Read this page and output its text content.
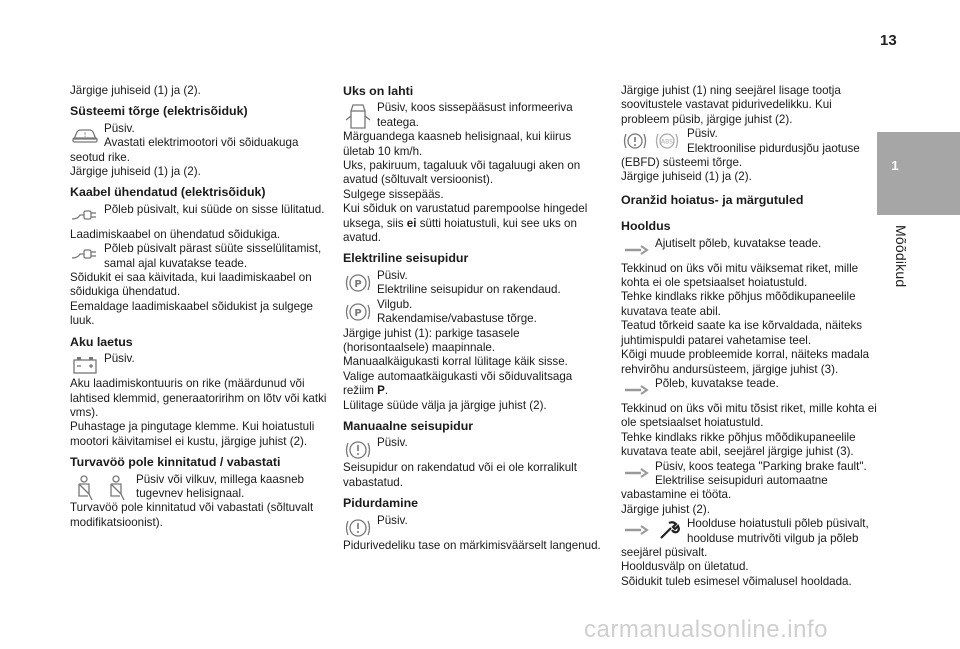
13
1
Mõõdikud

Järgige juhiseid (1) ja (2).

Süsteemi tõrge (elektrisõiduk)

!	Püsiv.

Avastati elektrimootori või sõiduakuga seotud rike.

Järgige juhiseid (1) ja (2).

Kaabel ühendatud (elektrisõiduk)

Põleb püsivalt, kui süüde on sisse lülitatud.

Laadimiskaabel on ühendatud sõidukiga.

Põleb püsivalt pärast süüte sisselülitamist, samal ajal kuvatakse teade.

Sõidukit ei saa käivitada, kui laadimiskaabel on sõidukiga ühendatud.

Eemaldage laadimiskaabel sõidukist ja sulgege luuk.

Aku laetus

Püsiv.

Aku laadimiskontuuris on rike (määrdunud või lahtised klemmid, generaatoririhm on lõtv või katki vms).

Puhastage ja pingutage klemme. Kui hoiatustuli mootori käivitamisel ei kustu, järgige juhist (2).

Turvavöö pole kinnitatud / vabastati

Püsiv või vilkuv, millega kaasneb tugevnev helisignaal.

Turvavöö pole kinnitatud või vabastati (sõltuvalt modifikatsioonist).

Uks on lahti

Püsiv, koos sissepääsust informeeriva teatega.

Märguandega kaasneb helisignaal, kui kiirus ületab 10 km/h.

Uks, pakiruum, tagaluuk või tagaluugi aken on avatud (sõltuvalt versioonist).

Sulgege sissepääs.

Kui sõiduk on varustatud parempoolse hingedel uksega, siis ei sütti hoiatustuli, kui see uks on avatud.

Elektriline seisupidur

P

Püsiv.

Elektriline seisupidur on rakendaud.

P

Vilgub.

Rakendamise/vabastuse tõrge.

Järgige juhist (1): parkige tasasele (horisontaalsele) maapinnale.

Manuaalkäigukasti korral lülitage käik sisse.

Valige automaatkäigukasti või sõiduvalitsaga režiim P.

Lülitage süüde välja ja järgige juhist (2).

Manuaalne seisupidur

Püsiv.

Seisupidur on rakendatud või ei ole korralikult vabastatud.

Pidurdamine

Püsiv.

Pidurivedeliku tase on märkimisväärselt langenud.

Järgige juhist (1) ning seejärel lisage tootja soovitustele vastavat pidurivedelikku. Kui probleem püsib, järgige juhist (2).

ABS

Püsiv.

Elektroonilise pidurdusjõu jaotuse (EBFD) süsteemi tõrge.

Järgige juhiseid (1) ja (2).

Oranžid hoiatus- ja märgutuled

Hooldus

Ajutiselt põleb, kuvatakse teade.

Tekkinud on üks või mitu väiksemat riket, mille kohta ei ole spetsiaalset hoiatustuld.

Tehke kindlaks rikke põhjus mõõdikupaneelile kuvatava teate abil.

Teatud tõrkeid saate ka ise kõrvaldada, näiteks juhtimispuldi patarei vahetamise teel.

Kõigi muude probleemide korral, näiteks madala rehvirõhu andursüsteem, järgige juhist (3).

Põleb, kuvatakse teade.

Tekkinud on üks või mitu tõsist riket, mille kohta ei ole spetsiaalset hoiatustuld.

Tehke kindlaks rikke põhjus mõõdikupaneelile kuvatava teate abil, seejärel järgige juhist (3).

Püsiv, koos teatega "Parking brake fault". Elektrilise seisupiduri automaatne vabastamine ei tööta.

Järgige juhist (2).

Hoolduse hoiatustuli põleb püsivalt, hoolduse mutrivõti vilgub ja põleb seejärel püsivalt.

Hooldusvälp on ületatud.

Sõidukit tuleb esimesel võimalusel hooldada.

carmanualsonline.info
